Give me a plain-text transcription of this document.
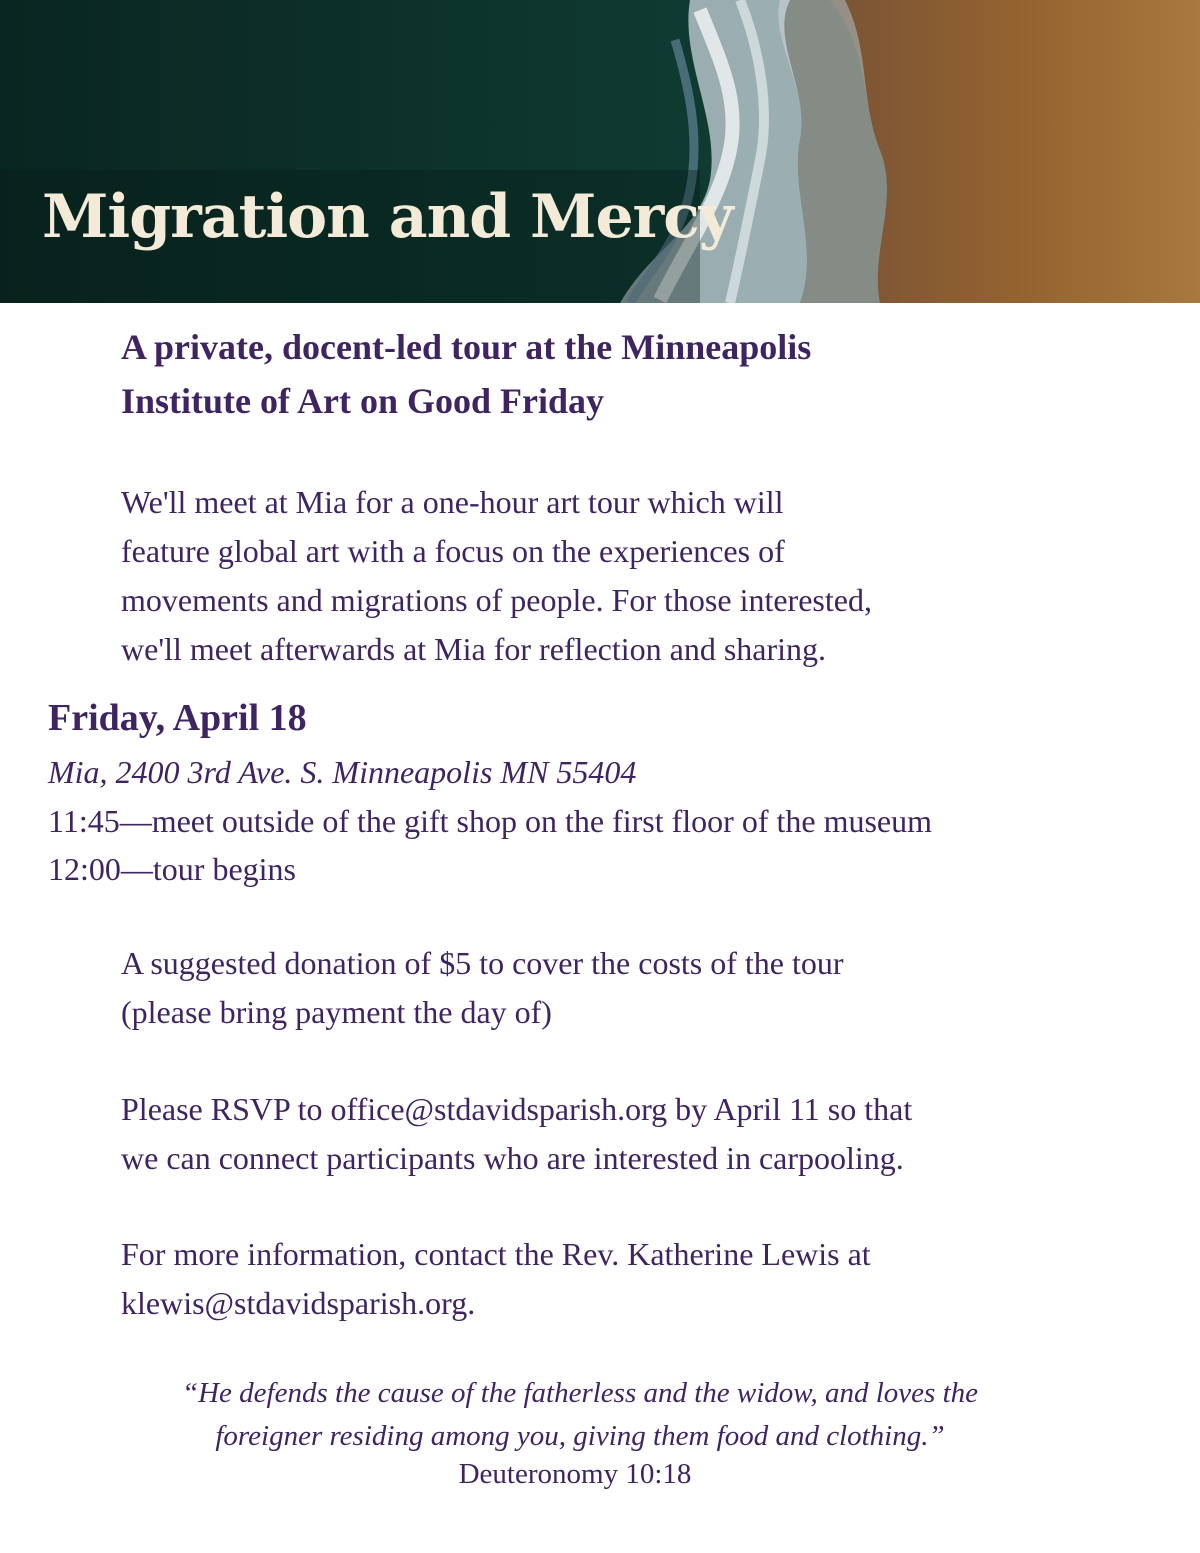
Migration and Mercy
A private, docent-led tour at the Minneapolis
Institute of Art on Good Friday

We'll meet at Mia for a one-hour art tour which will
feature global art with a focus on the experiences of
movements and migrations of people. For those interested,
we'll meet afterwards at Mia for reflection and sharing.

Friday, April 18

Mia, 2400 3rd Ave. S. Minneapolis MN 55404

11:45—meet outside of the gift shop on the first floor of the museum

12:00—tour begins

A suggested donation of $5 to cover the costs of the tour
(please bring payment the day of)

Please RSVP to office@stdavidsparish.org by April 11 so that
we can connect participants who are interested in carpooling.

For more information, contact the Rev. Katherine Lewis at
klewis@stdavidsparish.org.

“He defends the cause of the fatherless and the widow, and loves the
foreigner residing among you, giving them food and clothing.”

Deuteronomy 10:18
